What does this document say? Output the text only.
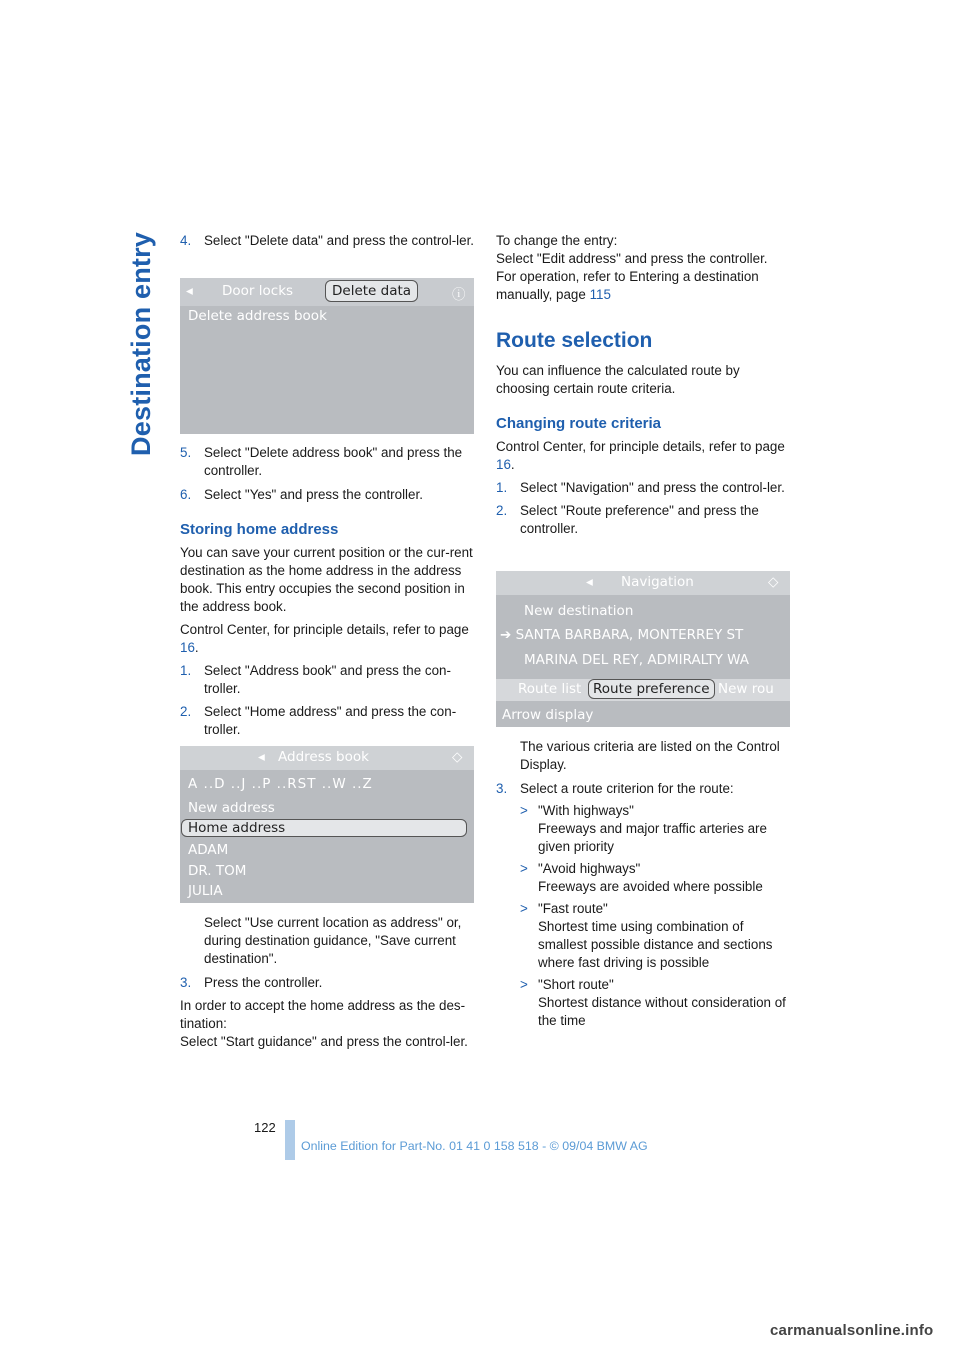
Destination entry 4. Select "Delete data" and press the control-ler.
◂ Door locks	Delete data	ⓘ
Delete address book
5. Select "Delete address book" and press the controller.
6. Select "Yes" and press the controller.
Storing home address

You can save your current position or the cur-rent destination as the home address in the address book. This entry occupies the second position in the address book.

Control Center, for principle details, refer to page 16.

1. Select "Address book" and press the con-troller.
2. Select "Home address" and press the con-troller.
◂ Address book	◇
A ..D ..J ..P ..RST ..W ..Z
New address
Home address
ADAM
DR. TOM
JULIA

Select "Use current location as address" or, during destination guidance, "Save current destination".

3. Press the controller.

In order to accept the home address as the des-tination:

Select "Start guidance" and press the control-ler.

To change the entry:

Select "Edit address" and press the controller.

For operation, refer to Entering a destination manually, page 115

Route selection

You can influence the calculated route by choosing certain route criteria.

Changing route criteria

Control Center, for principle details, refer to page 16.

1. Select "Navigation" and press the control-ler.
2. Select "Route preference" and press the controller.
◂ Navigation	◇
New destination
➔ SANTA BARBARA, MONTERREY ST
MARINA DEL REY, ADMIRALTY WA
Route list Route preference New rou
Arrow display

The various criteria are listed on the Control Display.

3. Select a route criterion for the route:
> "With highways"
Freeways and major traffic arteries are given priority
> "Avoid highways"
Freeways are avoided where possible
> "Fast route"
Shortest time using combination of smallest possible distance and sections where fast driving is possible
> "Short route"
Shortest distance without consideration of the time
122
Online Edition for Part-No. 01 41 0 158 518 - © 09/04 BMW AG
carmanualsonline.info
